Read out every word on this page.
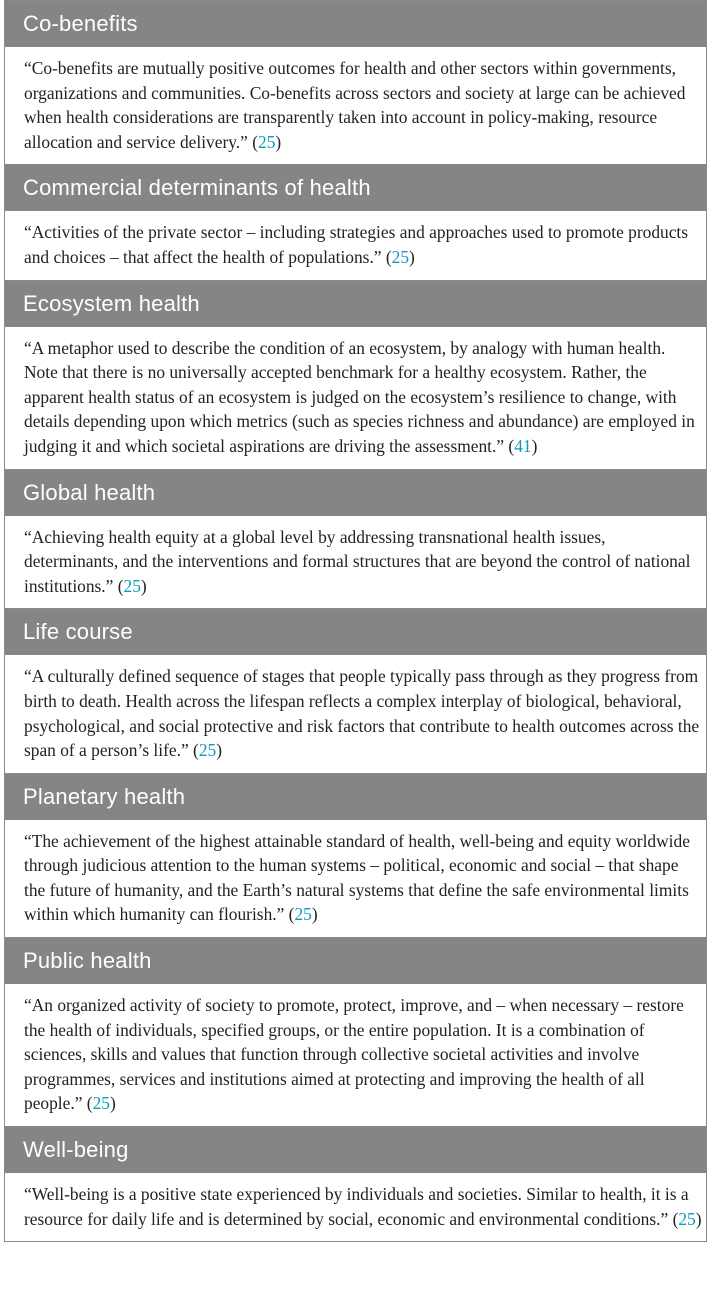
Co-benefits
“Co-benefits are mutually positive outcomes for health and other sectors within governments, organizations and communities. Co-benefits across sectors and society at large can be achieved when health considerations are transparently taken into account in policy-making, resource allocation and service delivery.” (25)
Commercial determinants of health
“Activities of the private sector – including strategies and approaches used to promote products and choices – that affect the health of populations.” (25)
Ecosystem health
“A metaphor used to describe the condition of an ecosystem, by analogy with human health. Note that there is no universally accepted benchmark for a healthy ecosystem. Rather, the apparent health status of an ecosystem is judged on the ecosystem’s resilience to change, with details depending upon which metrics (such as species richness and abundance) are employed in judging it and which societal aspirations are driving the assessment.” (41)
Global health
“Achieving health equity at a global level by addressing transnational health issues, determinants, and the interventions and formal structures that are beyond the control of national institutions.” (25)
Life course
“A culturally defined sequence of stages that people typically pass through as they progress from birth to death. Health across the lifespan reflects a complex interplay of biological, behavioral, psychological, and social protective and risk factors that contribute to health outcomes across the span of a person’s life.” (25)
Planetary health
“The achievement of the highest attainable standard of health, well-being and equity worldwide through judicious attention to the human systems – political, economic and social – that shape the future of humanity, and the Earth’s natural systems that define the safe environmental limits within which humanity can flourish.” (25)
Public health
“An organized activity of society to promote, protect, improve, and – when necessary – restore the health of individuals, specified groups, or the entire population. It is a combination of sciences, skills and values that function through collective societal activities and involve programmes, services and institutions aimed at protecting and improving the health of all people.” (25)
Well-being
“Well-being is a positive state experienced by individuals and societies. Similar to health, it is a resource for daily life and is determined by social, economic and environmental conditions.” (25)
